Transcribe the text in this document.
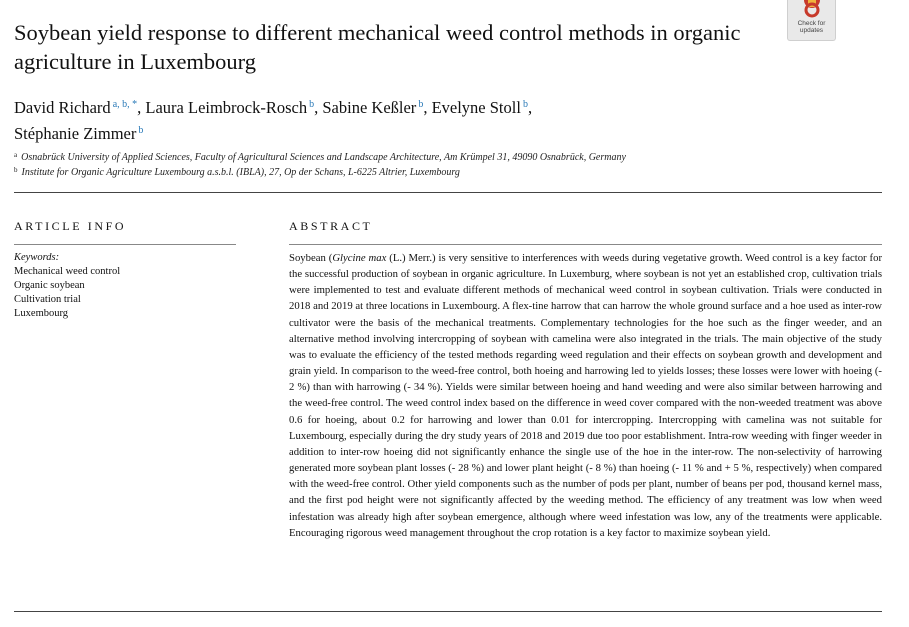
Soybean yield response to different mechanical weed control methods in organic agriculture in Luxembourg
Check for
updates
David Richard $^{a, b, *}$, Laura Leimbrock-Rosch $^b$, Sabine Keßler $^b$, Evelyne Stoll $^b$,
Stéphanie Zimmer $^b$
$^a$ Osnabrück University of Applied Sciences, Faculty of Agricultural Sciences and Landscape Architecture, Am Krümpel 31, 49090 Osnabrück, Germany
$^b$ Institute for Organic Agriculture Luxembourg a.s.b.l. (IBLA), 27, Op der Schans, L-6225 Altrier, Luxembourg
ARTICLE INFO	ABSTRACT
Keywords:
Mechanical weed control
Organic soybean
Cultivation trial
Luxembourg

Soybean (Glycine max (L.) Merr.) is very sensitive to interferences with weeds during vegetative growth. Weed control is a key factor for the successful production of soybean in organic agriculture. In Luxemburg, where soybean is not yet an established crop, cultivation trials were implemented to test and evaluate different methods of mechanical weed control in soybean cultivation. Trials were conducted in 2018 and 2019 at three locations in Luxembourg. A flex-tine harrow that can harrow the whole ground surface and a hoe used as inter-row cultivator were the basis of the mechanical treatments. Complementary technologies for the hoe such as the finger weeder, and an alternative method involving intercropping of soybean with camelina were also integrated in the trials. The main objective of the study was to evaluate the efficiency of the tested methods regarding weed regulation and their effects on soybean growth and development and grain yield. In comparison to the weed-free control, both hoeing and harrowing led to yields losses; these losses were lower with hoeing (- 2 %) than with harrowing (- 34 %). Yields were similar between hoeing and hand weeding and were also similar between harrowing and the weed-free control. The weed control index based on the difference in weed cover compared with the non-weeded treatment was above 0.6 for hoeing, about 0.2 for harrowing and lower than 0.01 for intercropping. Intercropping with camelina was not suitable for Luxembourg, especially during the dry study years of 2018 and 2019 due too poor establishment. Intra-row weeding with finger weeder in addition to inter-row hoeing did not significantly enhance the single use of the hoe in the inter-row. The non-selectivity of harrowing generated more soybean plant losses (- 28 %) and lower plant height (- 8 %) than hoeing (- 11 % and + 5 %, respectively) when compared with the weed-free control. Other yield components such as the number of pods per plant, number of beans per pod, thousand kernel mass, and the first pod height were not significantly affected by the weeding method. The efficiency of any treatment was low when weed infestation was already high after soybean emergence, although where weed infestation was low, any of the treatments were applicable. Encouraging rigorous weed management throughout the crop rotation is a key factor to maximize soybean yield.
